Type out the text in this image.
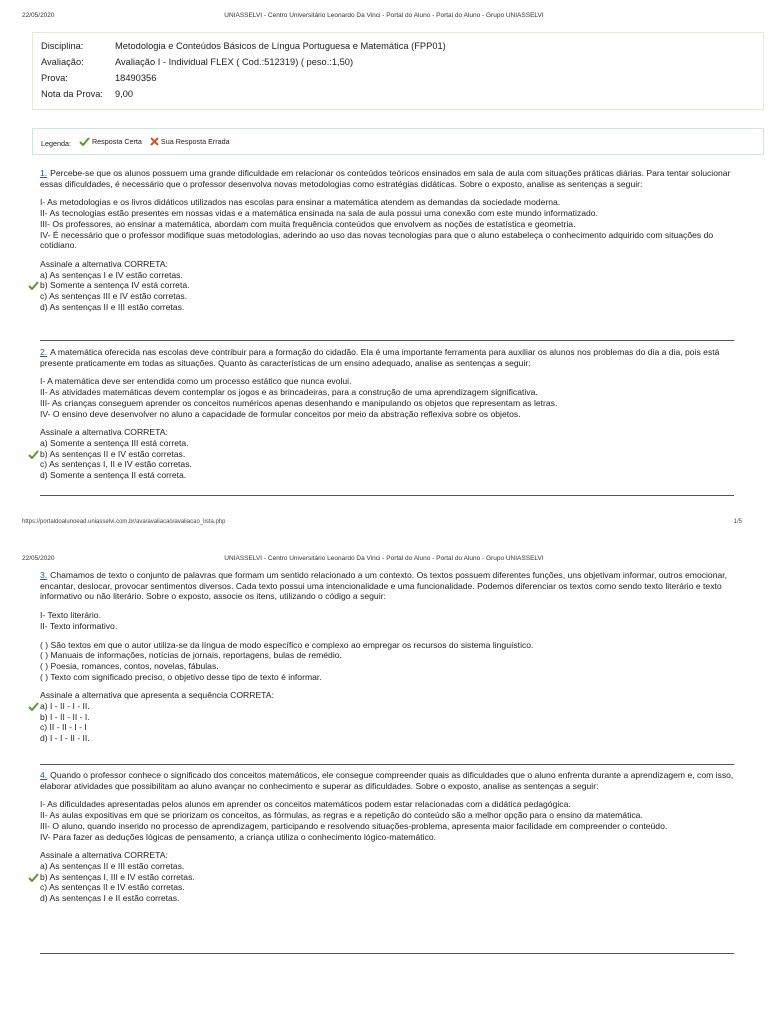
22/05/2020	UNIASSELVI - Centro Universitário Leonardo Da Vinci - Portal do Aluno - Portal do Aluno - Grupo UNIASSELVI
Disciplina:	Metodologia e Conteúdos Básicos de Língua Portuguesa e Matemática (FPP01)
Avaliação:	Avaliação I - Individual FLEX ( Cod.:512319) ( peso.:1,50)
Prova:	18490356
Nota da Prova: 9,00
Legenda:	Resposta Certa
	Sua Resposta Errada

1. Percebe-se que os alunos possuem uma grande dificuldade em relacionar os conteúdos teóricos ensinados em sala de aula com situações práticas diárias. Para tentar solucionar essas dificuldades, é necessário que o professor desenvolva novas metodologias como estratégias didáticas. Sobre o exposto, analise as sentenças a seguir:

I- As metodologias e os livros didáticos utilizados nas escolas para ensinar a matemática atendem as demandas da sociedade moderna.

II- As tecnologias estão presentes em nossas vidas e a matemática ensinada na sala de aula possui uma conexão com este mundo informatizado.

III- Os professores, ao ensinar a matemática, abordam com muita frequência conteúdos que envolvem as noções de estatística e geometria.

IV- É necessário que o professor modifique suas metodologias, aderindo ao uso das novas tecnologias para que o aluno estabeleça o conhecimento adquirido com situações do cotidiano.

Assinale a alternativa CORRETA:

a) As sentenças I e IV estão corretas.

b) Somente a sentença IV está correta.

c) As sentenças III e IV estão corretas.

d) As sentenças II e III estão corretas.

2. A matemática oferecida nas escolas deve contribuir para a formação do cidadão. Ela é uma importante ferramenta para auxiliar os alunos nos problemas do dia a dia, pois está presente praticamente em todas as situações. Quanto às características de um ensino adequado, analise as sentenças a seguir:

I- A matemática deve ser entendida como um processo estático que nunca evolui.

II- As atividades matemáticas devem contemplar os jogos e as brincadeiras, para a construção de uma aprendizagem significativa.

III- As crianças conseguem aprender os conceitos numéricos apenas desenhando e manipulando os objetos que representam as letras.

IV- O ensino deve desenvolver no aluno a capacidade de formular conceitos por meio da abstração reflexiva sobre os objetos.

Assinale a alternativa CORRETA:

a) Somente a sentença III está correta.

b) As sentenças II e IV estão corretas.

c) As sentenças I, II e IV estão corretas.

d) Somente a sentença II está correta.

https://portaldoalunoead.uniasselvi.com.br/ava/avaliacao/avaliacao_lista.php	1/5
22/05/2020	UNIASSELVI - Centro Universitário Leonardo Da Vinci - Portal do Aluno - Portal do Aluno - Grupo UNIASSELVI

3. Chamamos de texto o conjunto de palavras que formam um sentido relacionado a um contexto. Os textos possuem diferentes funções, uns objetivam informar, outros emocionar, encantar, deslocar, provocar sentimentos diversos. Cada texto possui uma intencionalidade e uma funcionalidade. Podemos diferenciar os textos como sendo texto literário e texto informativo ou não literário. Sobre o exposto, associe os itens, utilizando o código a seguir:

I- Texto literário.

II- Texto informativo.

( ) São textos em que o autor utiliza-se da língua de modo específico e complexo ao empregar os recursos do sistema linguístico.

( ) Manuais de informações, notícias de jornais, reportagens, bulas de remédio.

( ) Poesia, romances, contos, novelas, fábulas.

( ) Texto com significado preciso, o objetivo desse tipo de texto é informar.

Assinale a alternativa que apresenta a sequência CORRETA:

a) I - II - I - II.

b) I - II - II - I.

c) II - II - I - I

d) I - I - II - II.

4. Quando o professor conhece o significado dos conceitos matemáticos, ele consegue compreender quais as dificuldades que o aluno enfrenta durante a aprendizagem e, com isso, elaborar atividades que possibilitam ao aluno avançar no conhecimento e superar as dificuldades. Sobre o exposto, analise as sentenças a seguir:

I- As dificuldades apresentadas pelos alunos em aprender os conceitos matemáticos podem estar relacionadas com a didática pedagógica.

II- As aulas expositivas em que se priorizam os conceitos, as fórmulas, as regras e a repetição do conteúdo são a melhor opção para o ensino da matemática.

III- O aluno, quando inserido no processo de aprendizagem, participando e resolvendo situações-problema, apresenta maior facilidade em compreender o conteúdo.

IV- Para fazer as deduções lógicas de pensamento, a criança utiliza o conhecimento lógico-matemático.

Assinale a alternativa CORRETA:

a) As sentenças II e III estão corretas.

b) As sentenças I, III e IV estão corretas.

c) As sentenças II e IV estão corretas.

d) As sentenças I e II estão corretas.
